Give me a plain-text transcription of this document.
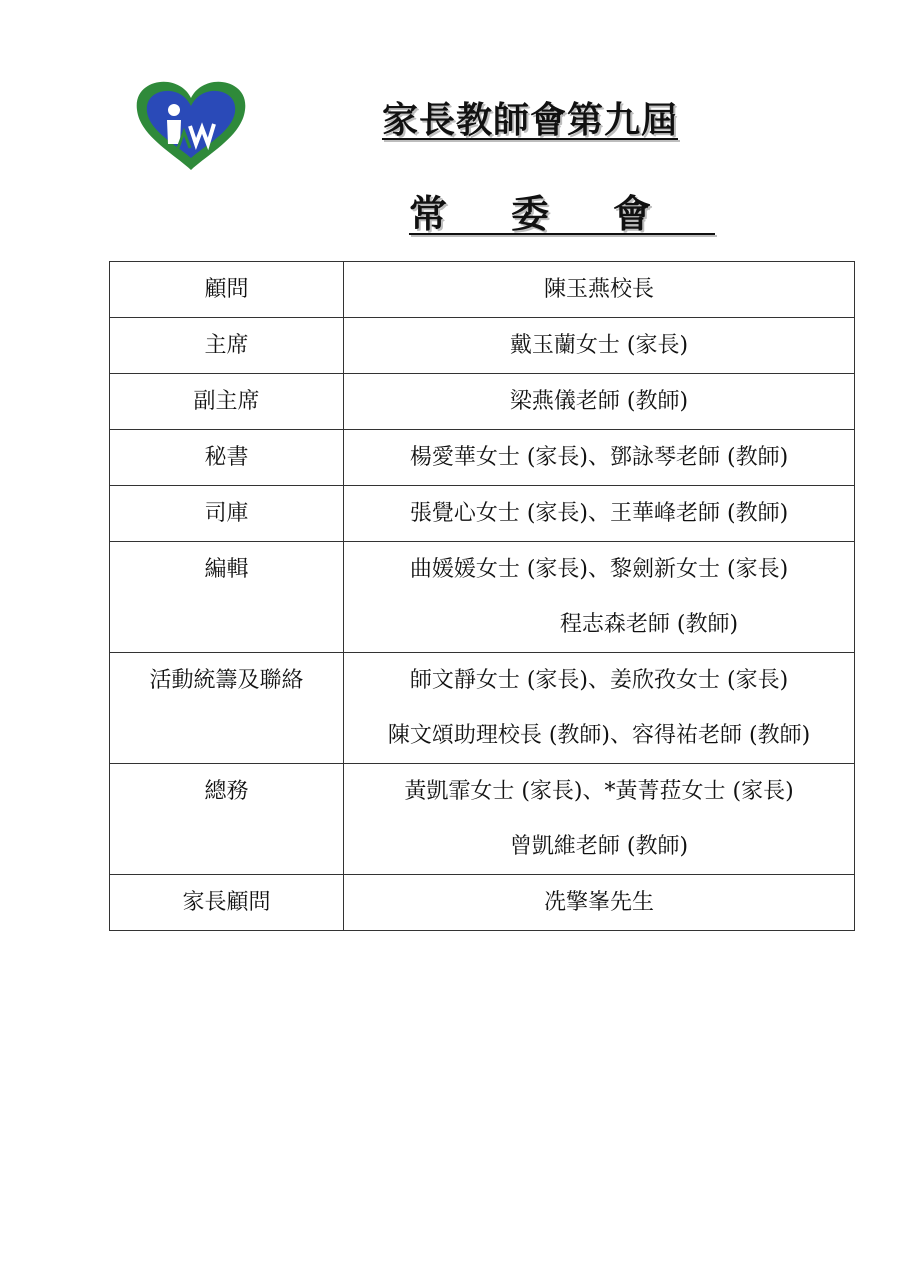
家長教師會第九屆
常委會
顧問	陳玉燕校長

主席	戴玉蘭女士 (家長)

副主席	梁燕儀老師 (教師)

秘書	楊愛華女士 (家長)、鄧詠琴老師 (教師)

司庫	張覺心女士 (家長)、王華峰老師 (教師)

編輯	曲媛媛女士 (家長)、黎劍新女士 (家長)
程志森老師 (教師)

活動統籌及聯絡	師文靜女士 (家長)、姜欣孜女士 (家長)
陳文頌助理校長 (教師)、容得祐老師 (教師)

總務	黃凱霏女士 (家長)、*黃菁菈女士 (家長)
曾凱維老師 (教師)

家長顧問	冼擎峯先生
